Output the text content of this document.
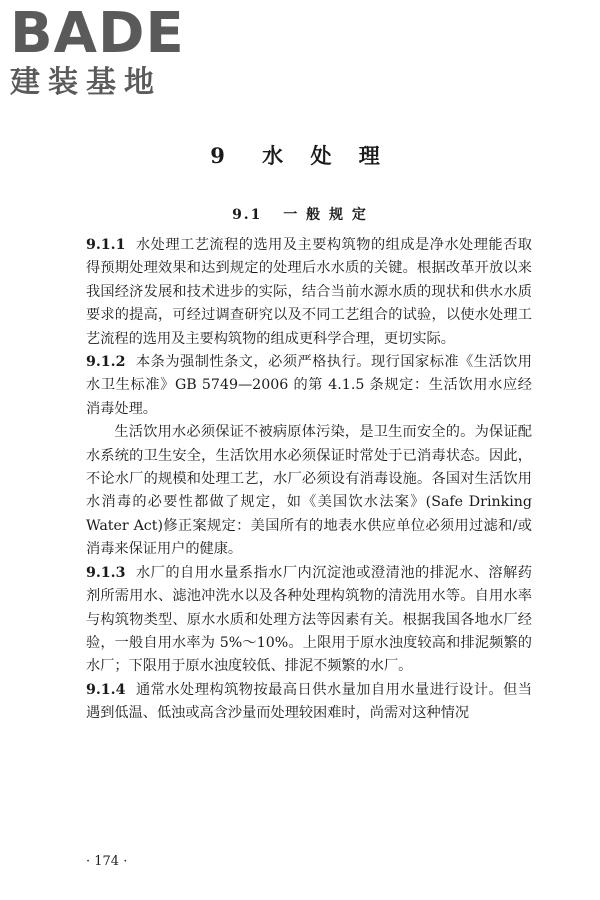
BADE
建装基地
9 水 处 理
9.1 一 般 规 定

9.1.1 水处理工艺流程的选用及主要构筑物的组成是净水处理能否取得预期处理效果和达到规定的处理后水水质的关键。根据改革开放以来我国经济发展和技术进步的实际，结合当前水源水质的现状和供水水质要求的提高，可经过调查研究以及不同工艺组合的试验，以使水处理工艺流程的选用及主要构筑物的组成更科学合理，更切实际。

9.1.2 本条为强制性条文，必须严格执行。现行国家标准《生活饮用水卫生标准》GB 5749—2006 的第 4.1.5 条规定：生活饮用水应经消毒处理。

生活饮用水必须保证不被病原体污染，是卫生而安全的。为保证配水系统的卫生安全，生活饮用水必须保证时常处于已消毒状态。因此，不论水厂的规模和处理工艺，水厂必须设有消毒设施。各国对生活饮用水消毒的必要性都做了规定，如《美国饮水法案》(Safe Drinking Water Act)修正案规定：美国所有的地表水供应单位必须用过滤和/或消毒来保证用户的健康。

9.1.3 水厂的自用水量系指水厂内沉淀池或澄清池的排泥水、溶解药剂所需用水、滤池冲洗水以及各种处理构筑物的清洗用水等。自用水率与构筑物类型、原水水质和处理方法等因素有关。根据我国各地水厂经验，一般自用水率为 5%～10%。上限用于原水浊度较高和排泥频繁的水厂；下限用于原水浊度较低、排泥不频繁的水厂。

9.1.4 通常水处理构筑物按最高日供水量加自用水量进行设计。但当遇到低温、低浊或高含沙量而处理较困难时，尚需对这种情况

· 174 ·
